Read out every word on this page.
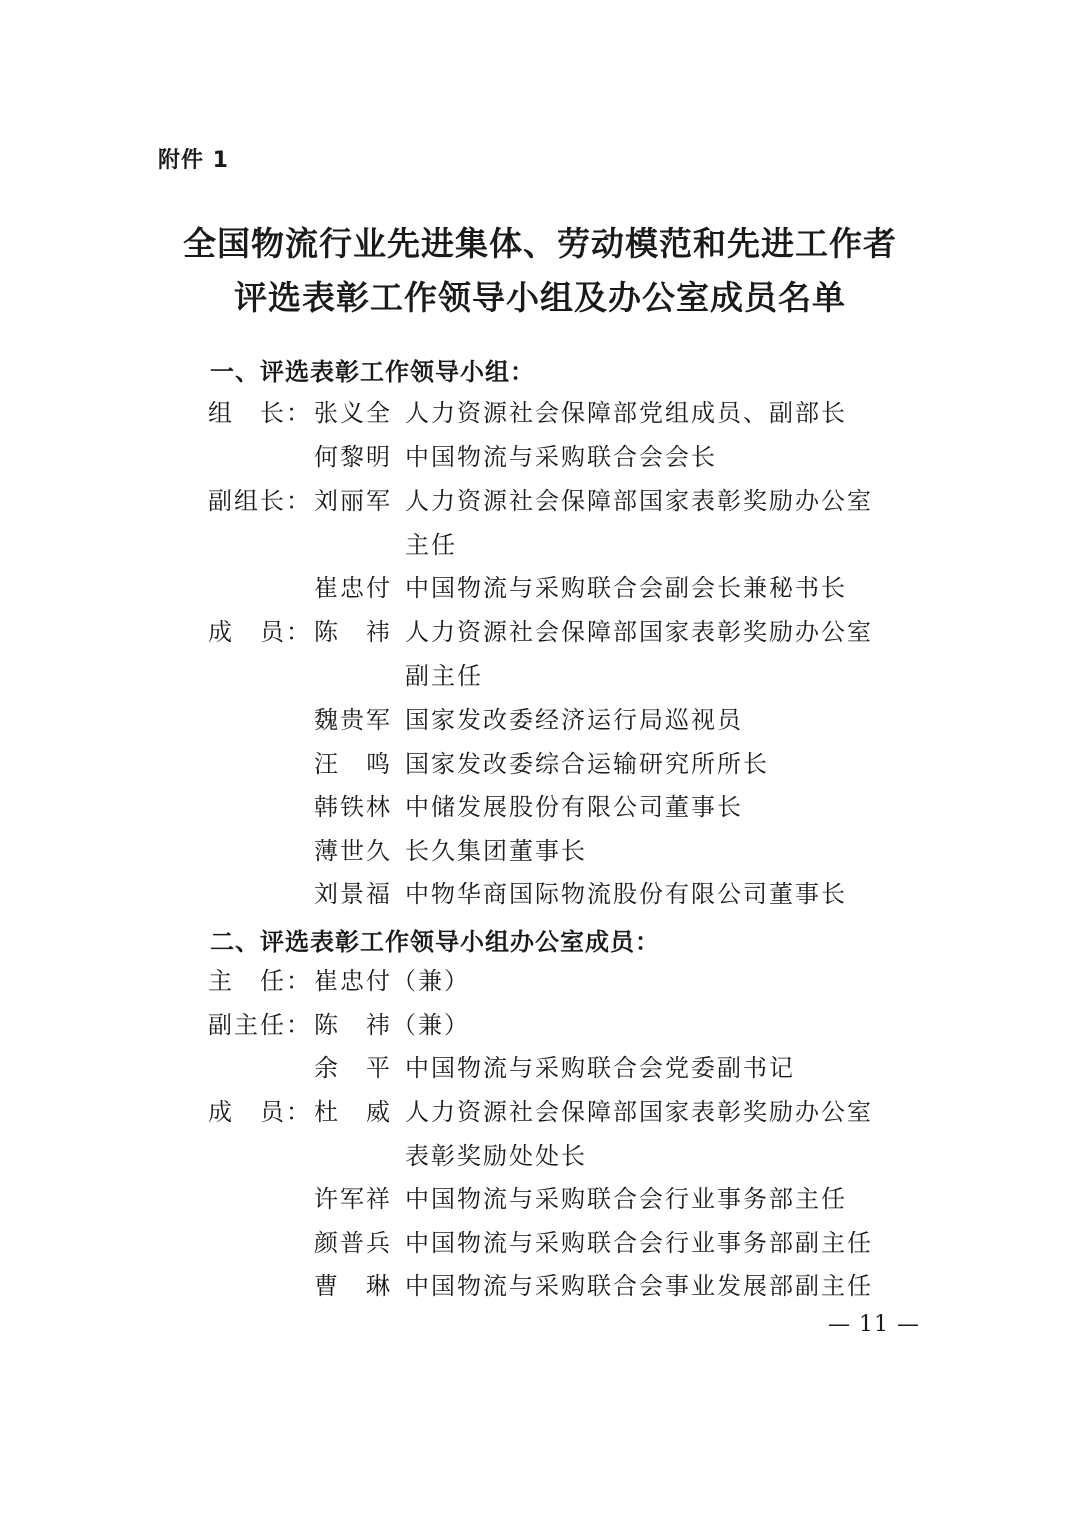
附件 1
全国物流行业先进集体、劳动模范和先进工作者
评选表彰工作领导小组及办公室成员名单
一、评选表彰工作领导小组：
组　长： 张义全 人力资源社会保障部党组成员、副部长
何黎明 中国物流与采购联合会会长
副组长： 刘丽军 人力资源社会保障部国家表彰奖励办公室
主任
崔忠付 中国物流与采购联合会副会长兼秘书长
成　员： 陈　祎 人力资源社会保障部国家表彰奖励办公室
副主任
魏贵军 国家发改委经济运行局巡视员
汪　鸣 国家发改委综合运输研究所所长
韩铁林 中储发展股份有限公司董事长
薄世久 长久集团董事长
刘景福 中物华商国际物流股份有限公司董事长
二、评选表彰工作领导小组办公室成员：
主　任： 崔忠付（兼）
副主任： 陈　祎（兼）
余　平 中国物流与采购联合会党委副书记
成　员： 杜　威 人力资源社会保障部国家表彰奖励办公室
表彰奖励处处长
许军祥 中国物流与采购联合会行业事务部主任
颜普兵 中国物流与采购联合会行业事务部副主任
曹　琳 中国物流与采购联合会事业发展部副主任
— 11 —
